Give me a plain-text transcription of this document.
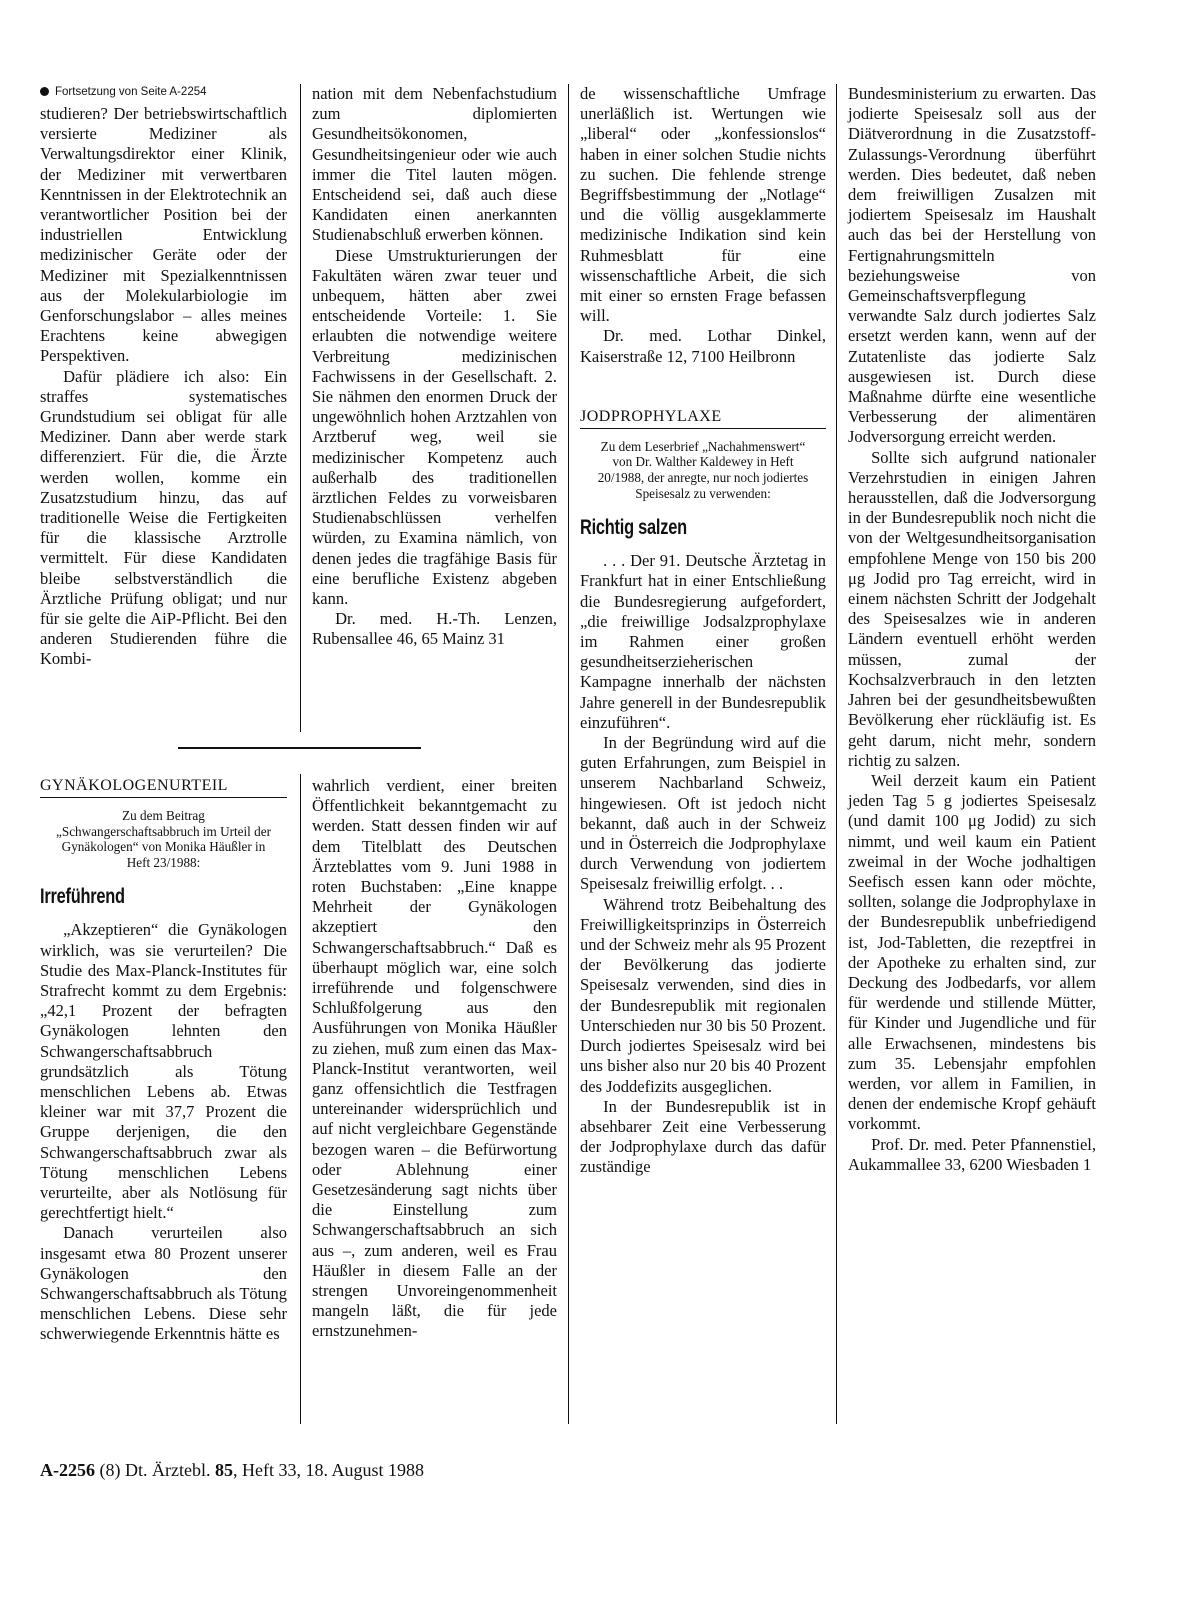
Fortsetzung von Seite A-2254

studieren? Der betriebswirtschaftlich versierte Mediziner als Verwaltungsdirektor einer Klinik, der Mediziner mit verwertbaren Kenntnissen in der Elektrotechnik an verantwortlicher Position bei der industriellen Entwicklung medizinischer Geräte oder der Mediziner mit Spezialkenntnissen aus der Molekularbiologie im Genforschungslabor – alles meines Erachtens keine abwegigen Perspektiven.

Dafür plädiere ich also: Ein straffes systematisches Grundstudium sei obligat für alle Mediziner. Dann aber werde stark differenziert. Für die, die Ärzte werden wollen, komme ein Zusatzstudium hinzu, das auf traditionelle Weise die Fertigkeiten für die klassische Arztrolle vermittelt. Für diese Kandidaten bleibe selbstverständlich die Ärztliche Prüfung obligat; und nur für sie gelte die AiP-Pflicht. Bei den anderen Studierenden führe die Kombi-

nation mit dem Nebenfachstudium zum diplomierten Gesundheitsökonomen, Gesundheitsingenieur oder wie auch immer die Titel lauten mögen. Entscheidend sei, daß auch diese Kandidaten einen anerkannten Studienabschluß erwerben können.

Diese Umstrukturierungen der Fakultäten wären zwar teuer und unbequem, hätten aber zwei entscheidende Vorteile: 1. Sie erlaubten die notwendige weitere Verbreitung medizinischen Fachwissens in der Gesellschaft. 2. Sie nähmen den enormen Druck der ungewöhnlich hohen Arztzahlen von Arztberuf weg, weil sie medizinischer Kompetenz auch außerhalb des traditionellen ärztlichen Feldes zu vorweisbaren Studienabschlüssen verhelfen würden, zu Examina nämlich, von denen jedes die tragfähige Basis für eine berufliche Existenz abgeben kann.

Dr. med. H.-Th. Lenzen, Rubensallee 46, 65 Mainz 31

de wissenschaftliche Umfrage unerläßlich ist. Wertungen wie „liberal“ oder „konfessionslos“ haben in einer solchen Studie nichts zu suchen. Die fehlende strenge Begriffsbestimmung der „Notlage“ und die völlig ausgeklammerte medizinische Indikation sind kein Ruhmesblatt für eine wissenschaftliche Arbeit, die sich mit einer so ernsten Frage befassen will.

Dr. med. Lothar Dinkel, Kaiserstraße 12, 7100 Heilbronn

JODPROPHYLAXE

Zu dem Leserbrief „Nachahmenswert“ von Dr. Walther Kaldewey in Heft 20/1988, der anregte, nur noch jodiertes Speisesalz zu verwenden:

Richtig salzen

. . . Der 91. Deutsche Ärztetag in Frankfurt hat in einer Entschließung die Bundesregierung aufgefordert, „die freiwillige Jodsalzprophylaxe im Rahmen einer großen gesundheitserzieherischen Kampagne innerhalb der nächsten Jahre generell in der Bundesrepublik einzuführen“.

In der Begründung wird auf die guten Erfahrungen, zum Beispiel in unserem Nachbarland Schweiz, hingewiesen. Oft ist jedoch nicht bekannt, daß auch in der Schweiz und in Österreich die Jodprophylaxe durch Verwendung von jodiertem Speisesalz freiwillig erfolgt. . .

Während trotz Beibehaltung des Freiwilligkeitsprinzips in Österreich und der Schweiz mehr als 95 Prozent der Bevölkerung das jodierte Speisesalz verwenden, sind dies in der Bundesrepublik mit regionalen Unterschieden nur 30 bis 50 Prozent. Durch jodiertes Speisesalz wird bei uns bisher also nur 20 bis 40 Prozent des Joddefizits ausgeglichen.

In der Bundesrepublik ist in absehbarer Zeit eine Verbesserung der Jodprophylaxe durch das dafür zuständige

Bundesministerium zu erwarten. Das jodierte Speisesalz soll aus der Diätverordnung in die Zusatzstoff-Zulassungs-Verordnung überführt werden. Dies bedeutet, daß neben dem freiwilligen Zusalzen mit jodiertem Speisesalz im Haushalt auch das bei der Herstellung von Fertignahrungsmitteln beziehungsweise von Gemeinschaftsverpflegung verwandte Salz durch jodiertes Salz ersetzt werden kann, wenn auf der Zutatenliste das jodierte Salz ausgewiesen ist. Durch diese Maßnahme dürfte eine wesentliche Verbesserung der alimentären Jodversorgung erreicht werden.

Sollte sich aufgrund nationaler Verzehrstudien in einigen Jahren herausstellen, daß die Jodversorgung in der Bundesrepublik noch nicht die von der Weltgesundheitsorganisation empfohlene Menge von 150 bis 200 μg Jodid pro Tag erreicht, wird in einem nächsten Schritt der Jodgehalt des Speisesalzes wie in anderen Ländern eventuell erhöht werden müssen, zumal der Kochsalzverbrauch in den letzten Jahren bei der gesundheitsbewußten Bevölkerung eher rückläufig ist. Es geht darum, nicht mehr, sondern richtig zu salzen.

Weil derzeit kaum ein Patient jeden Tag 5 g jodiertes Speisesalz (und damit 100 μg Jodid) zu sich nimmt, und weil kaum ein Patient zweimal in der Woche jodhaltigen Seefisch essen kann oder möchte, sollten, solange die Jodprophylaxe in der Bundesrepublik unbefriedigend ist, Jod-Tabletten, die rezeptfrei in der Apotheke zu erhalten sind, zur Deckung des Jodbedarfs, vor allem für werdende und stillende Mütter, für Kinder und Jugendliche und für alle Erwachsenen, mindestens bis zum 35. Lebensjahr empfohlen werden, vor allem in Familien, in denen der endemische Kropf gehäuft vorkommt.

Prof. Dr. med. Peter Pfannenstiel, Aukammallee 33, 6200 Wiesbaden 1

GYNÄKOLOGENURTEIL

Zu dem Beitrag „Schwangerschaftsabbruch im Urteil der Gynäkologen“ von Monika Häußler in Heft 23/1988:

Irreführend

„Akzeptieren“ die Gynäkologen wirklich, was sie verurteilen? Die Studie des Max-Planck-Institutes für Strafrecht kommt zu dem Ergebnis: „42,1 Prozent der befragten Gynäkologen lehnten den Schwangerschaftsabbruch grundsätzlich als Tötung menschlichen Lebens ab. Etwas kleiner war mit 37,7 Prozent die Gruppe derjenigen, die den Schwangerschaftsabbruch zwar als Tötung menschlichen Lebens verurteilte, aber als Notlösung für gerechtfertigt hielt.“

Danach verurteilen also insgesamt etwa 80 Prozent unserer Gynäkologen den Schwangerschaftsabbruch als Tötung menschlichen Lebens. Diese sehr schwerwiegende Erkenntnis hätte es

wahrlich verdient, einer breiten Öffentlichkeit bekanntgemacht zu werden. Statt dessen finden wir auf dem Titelblatt des Deutschen Ärzteblattes vom 9. Juni 1988 in roten Buchstaben: „Eine knappe Mehrheit der Gynäkologen akzeptiert den Schwangerschaftsabbruch.“ Daß es überhaupt möglich war, eine solch irreführende und folgenschwere Schlußfolgerung aus den Ausführungen von Monika Häußler zu ziehen, muß zum einen das Max-Planck-Institut verantworten, weil ganz offensichtlich die Testfragen untereinander widersprüchlich und auf nicht vergleichbare Gegenstände bezogen waren – die Befürwortung oder Ablehnung einer Gesetzesänderung sagt nichts über die Einstellung zum Schwangerschaftsabbruch an sich aus –, zum anderen, weil es Frau Häußler in diesem Falle an der strengen Unvoreingenommenheit mangeln läßt, die für jede ernstzunehmen-

A-2256 (8) Dt. Ärztebl. 85, Heft 33, 18. August 1988
